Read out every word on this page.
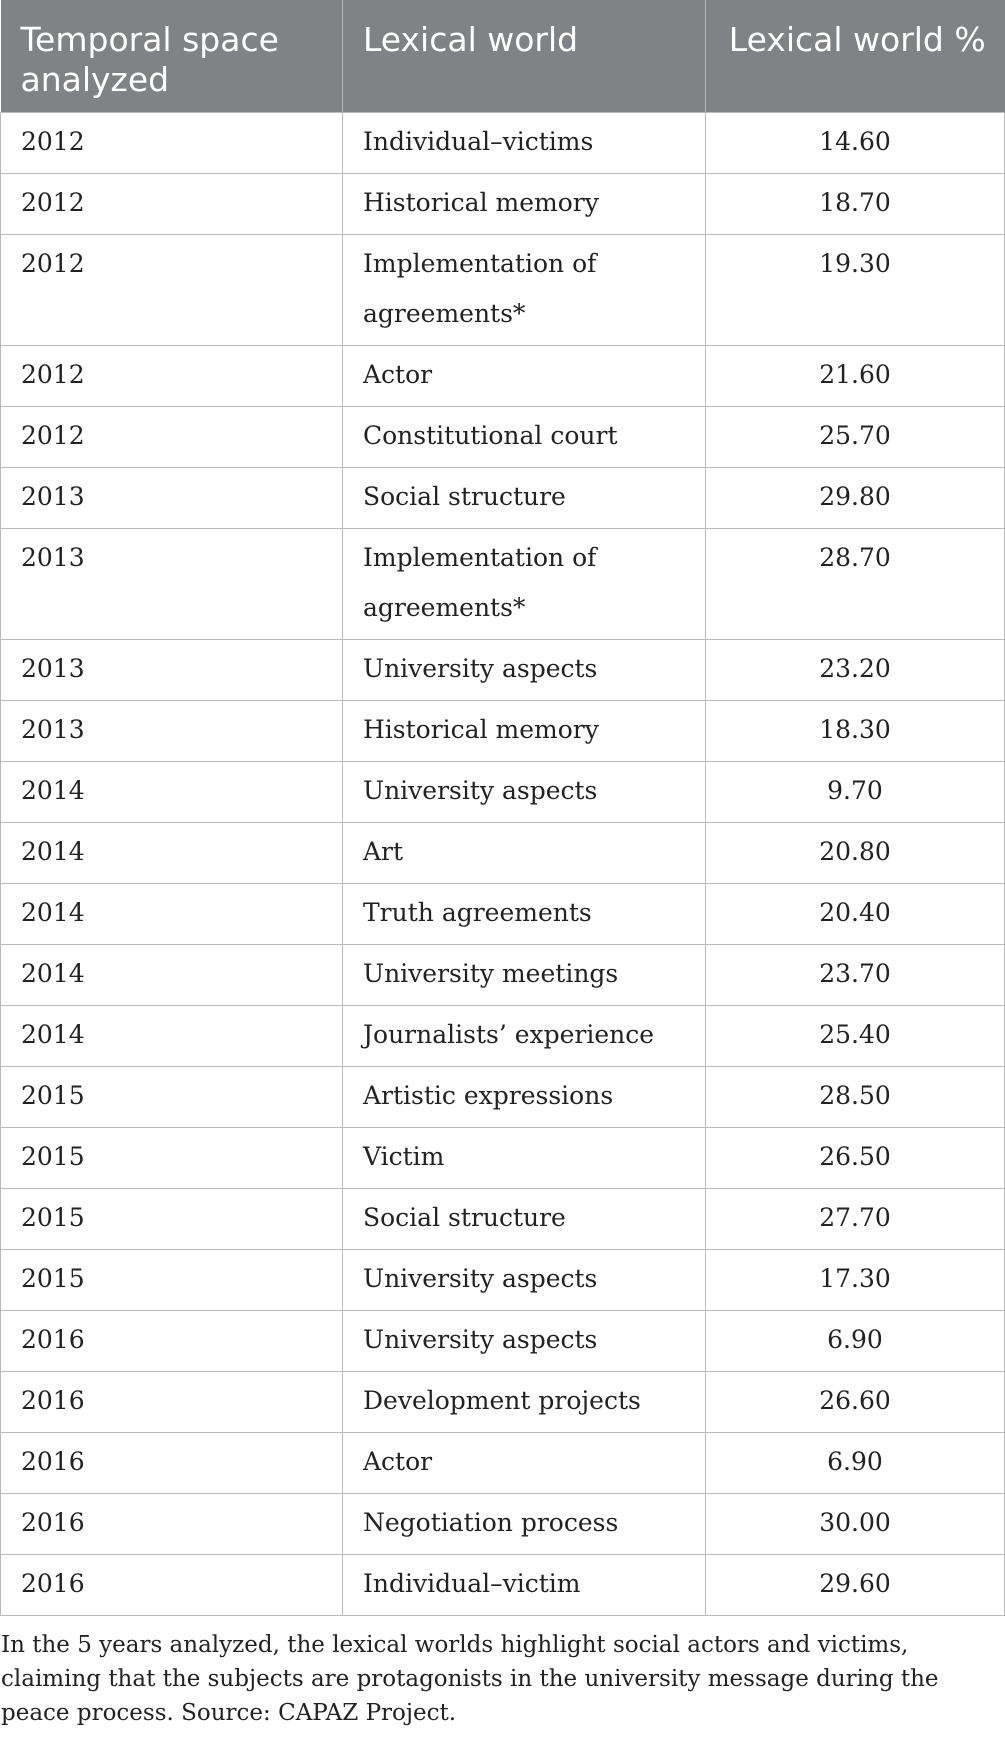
Temporal space analyzed	Lexical world	Lexical world %
2012	Individual–victims	14.60
2012	Historical memory	18.70
2012	Implementation of agreements*	19.30
2012	Actor	21.60
2012	Constitutional court	25.70
2013	Social structure	29.80
2013	Implementation of agreements*	28.70
2013	University aspects	23.20
2013	Historical memory	18.30
2014	University aspects	9.70
2014	Art	20.80
2014	Truth agreements	20.40
2014	University meetings	23.70
2014	Journalists’ experience	25.40
2015	Artistic expressions	28.50
2015	Victim	26.50
2015	Social structure	27.70
2015	University aspects	17.30
2016	University aspects	6.90
2016	Development projects	26.60
2016	Actor	6.90
2016	Negotiation process	30.00
2016	Individual–victim	29.60
In the 5 years analyzed, the lexical worlds highlight social actors and victims, claiming that the subjects are protagonists in the university message during the peace process. Source: CAPAZ Project.
